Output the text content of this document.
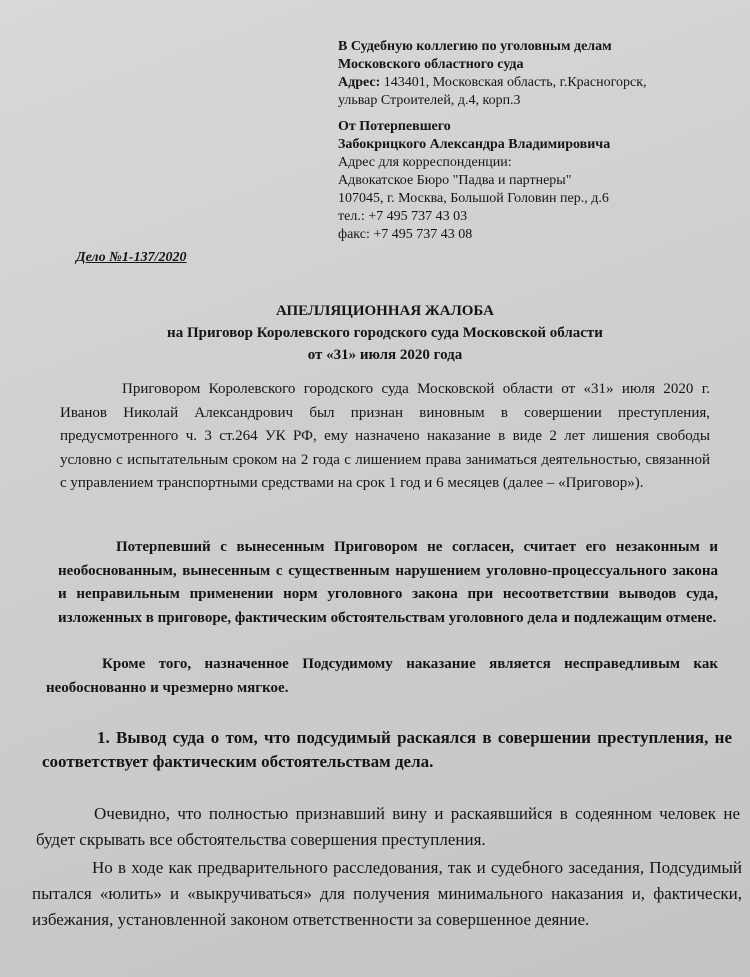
В Судебную коллегию по уголовным делам
Московского областного суда
Адрес: 143401, Московская область, г.Красногорск,
ульвар Строителей, д.4, корп.3
От Потерпевшего
Забокрицкого Александра Владимировича
Адрес для корреспонденции:
Адвокатское Бюро "Падва и партнеры"
107045, г. Москва, Большой Головин пер., д.6
тел.: +7 495 737 43 03
факс: +7 495 737 43 08
Дело №1-137/2020
АПЕЛЛЯЦИОННАЯ ЖАЛОБА
на Приговор Королевского городского суда Московской области
от «31» июля 2020 года
Приговором Королевского городского суда Московской области от «31» июля 2020 г. Иванов Николай Александрович был признан виновным в совершении преступления, предусмотренного ч. 3 ст.264 УК РФ, ему назначено наказание в виде 2 лет лишения свободы условно с испытательным сроком на 2 года с лишением права заниматься деятельностью, связанной с управлением транспортными средствами на срок 1 год и 6 месяцев (далее – «Приговор»).
Потерпевший с вынесенным Приговором не согласен, считает его незаконным и необоснованным, вынесенным с существенным нарушением уголовно-процессуального закона и неправильным применении норм уголовного закона при несоответствии выводов суда, изложенных в приговоре, фактическим обстоятельствам уголовного дела и подлежащим отмене.
Кроме того, назначенное Подсудимому наказание является несправедливым как необоснованно и чрезмерно мягкое.
1. Вывод суда о том, что подсудимый раскаялся в совершении преступления, не соответствует фактическим обстоятельствам дела.
Очевидно, что полностью признавший вину и раскаявшийся в содеянном человек не будет скрывать все обстоятельства совершения преступления.
Но в ходе как предварительного расследования, так и судебного заседания, Подсудимый пытался «юлить» и «выкручиваться» для получения минимального наказания и, фактически, избежания, установленной законом ответственности за совершенное деяние.
